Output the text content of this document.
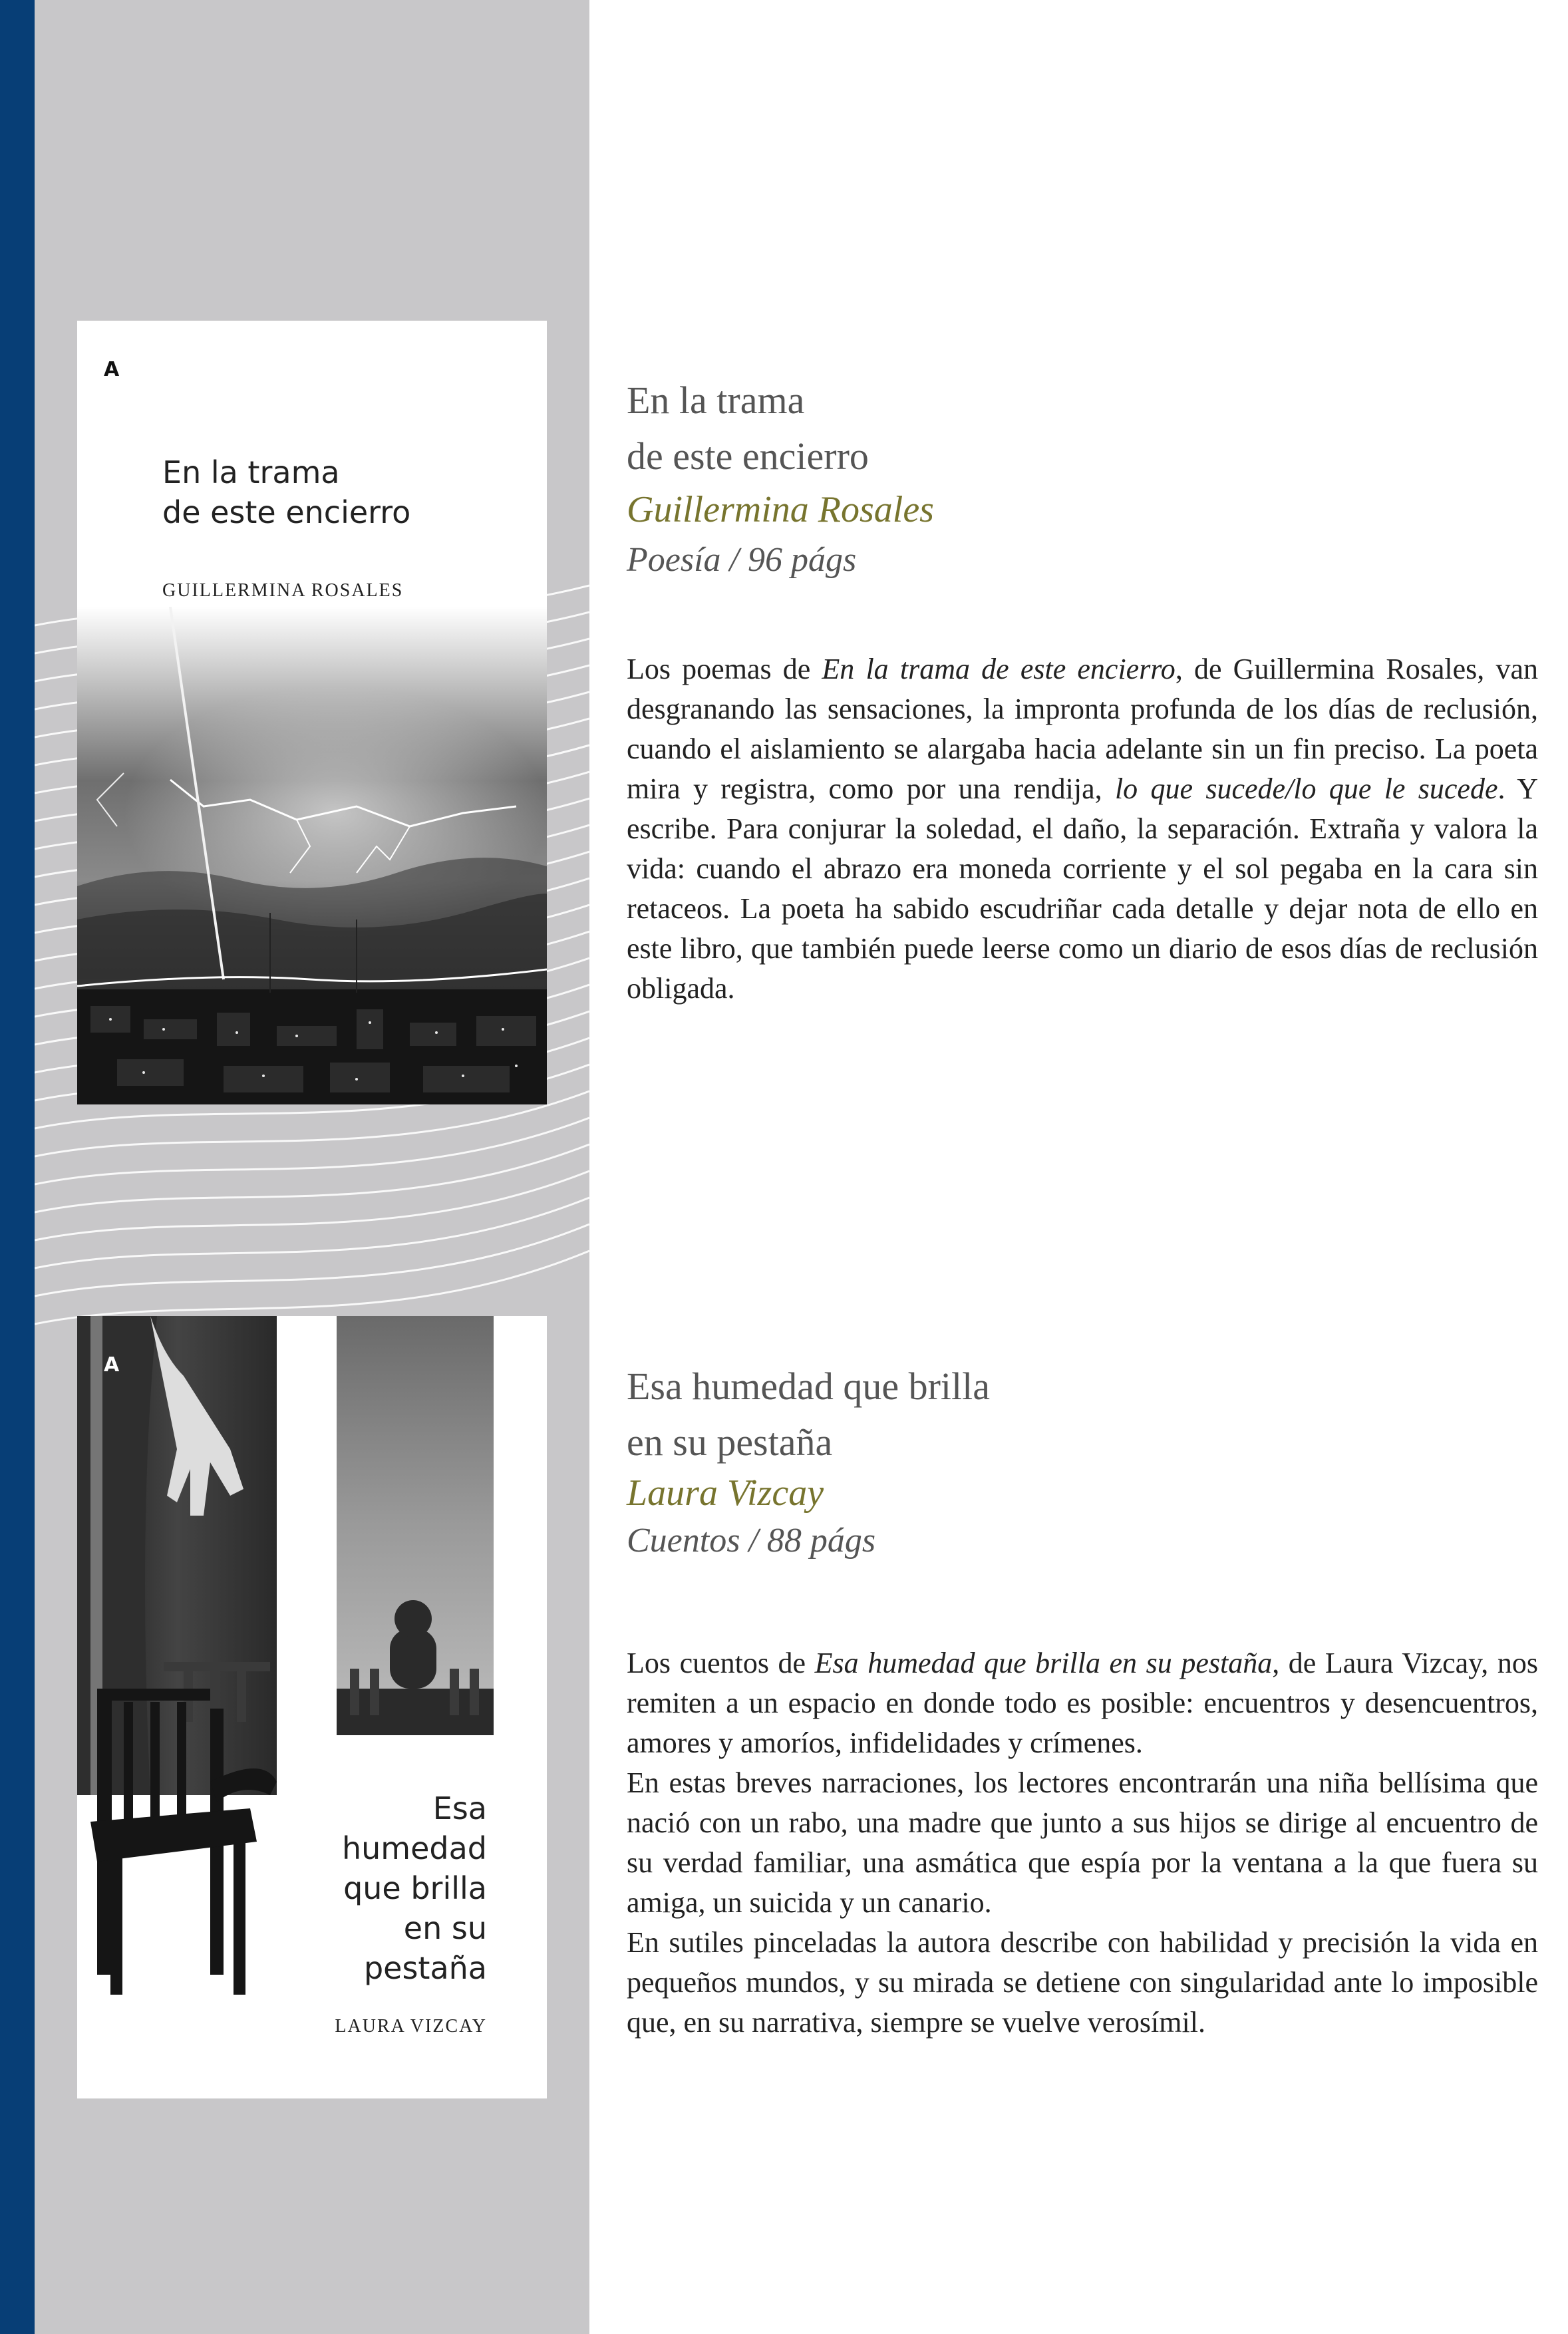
A
En la trama
de este encierro
GUILLERMINA ROSALES
A
Esa
humedad
que brilla
en su
pestaña
LAURA VIZCAY
En la trama
de este encierro
Guillermina Rosales
Poesía / 96 págs

Los poemas de En la trama de este encierro, de Guillermina Rosales, van desgranando las sensaciones, la impronta profunda de los días de reclusión, cuando el aislamiento se alargaba hacia adelante sin un fin preciso. La poeta mira y registra, como por una rendija, lo que sucede/lo que le sucede. Y escribe. Para conjurar la soledad, el daño, la separación. Extraña y valora la vida: cuando el abrazo era moneda corriente y el sol pegaba en la cara sin retaceos. La poeta ha sabido escudriñar cada detalle y dejar nota de ello en este libro, que también puede leerse como un diario de esos días de reclusión obligada.

Esa humedad que brilla
en su pestaña
Laura Vizcay
Cuentos / 88 págs

Los cuentos de Esa humedad que brilla en su pestaña, de Laura Vizcay, nos remiten a un espacio en donde todo es posible: encuentros y desencuentros, amores y amoríos, infidelidades y crímenes.

En estas breves narraciones, los lectores encontrarán una niña bellísima que nació con un rabo, una madre que junto a sus hijos se dirige al encuentro de su verdad familiar, una asmática que espía por la ventana a la que fuera su amiga, un suicida y un canario.

En sutiles pinceladas la autora describe con habilidad y precisión la vida en pequeños mundos, y su mirada se detiene con singularidad ante lo imposible que, en su narrativa, siempre se vuelve verosímil.
